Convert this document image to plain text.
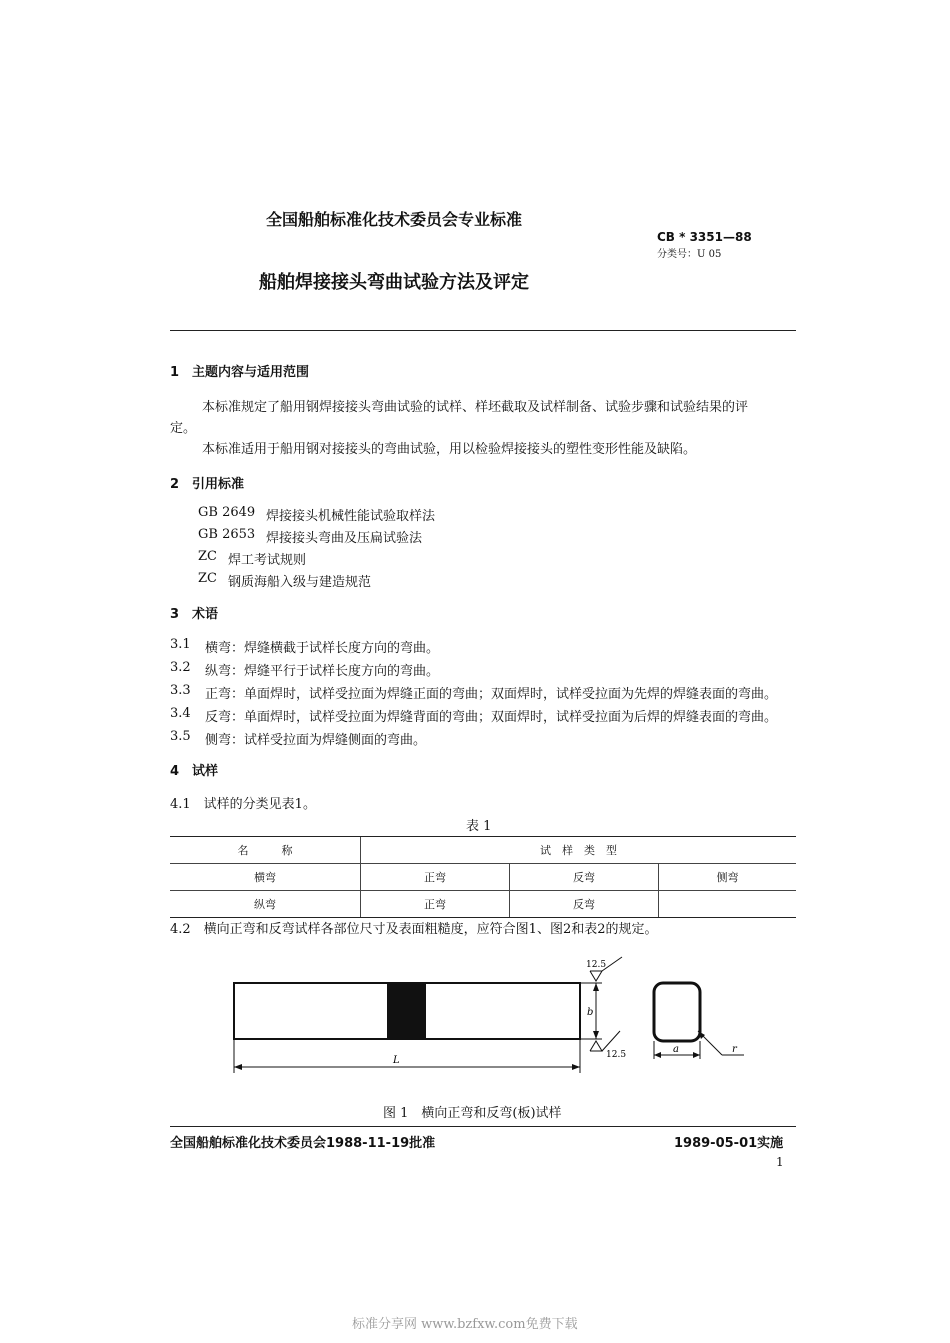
全国船舶标准化技术委员会专业标准
CB * 3351—88
分类号：U 05
船舶焊接接头弯曲试验方法及评定
1　主题内容与适用范围
本标准规定了船用钢焊接接头弯曲试验的试样、样坯截取及试样制备、试验步骤和试验结果的评
定。
本标准适用于船用钢对接接头的弯曲试验，用以检验焊接接头的塑性变形性能及缺陷。
2　引用标准
GB 2649 焊接接头机械性能试验取样法
GB 2653 焊接接头弯曲及压扁试验法
ZC 焊工考试规则
ZC 钢质海船入级与建造规范
3　术语
3.1 横弯：焊缝横截于试样长度方向的弯曲。
3.2 纵弯：焊缝平行于试样长度方向的弯曲。
3.3 正弯：单面焊时，试样受拉面为焊缝正面的弯曲；双面焊时，试样受拉面为先焊的焊缝表面的弯曲。
3.4 反弯：单面焊时，试样受拉面为焊缝背面的弯曲；双面焊时，试样受拉面为后焊的焊缝表面的弯曲。
3.5 侧弯：试样受拉面为焊缝侧面的弯曲。
4　试样
4.1　试样的分类见表1。
表 1
名　　　称	试　样　类　型		
横弯	正弯	反弯	侧弯
纵弯	正弯	反弯	
4.2　横向正弯和反弯试样各部位尺寸及表面粗糙度，应符合图1、图2和表2的规定。
12.5
12.5
b
L
a	r
图 1　横向正弯和反弯(板)试样
全国船舶标准化技术委员会1988-11-19批准	1989-05-01实施
1
标准分享网 www.bzfxw.com免费下载
